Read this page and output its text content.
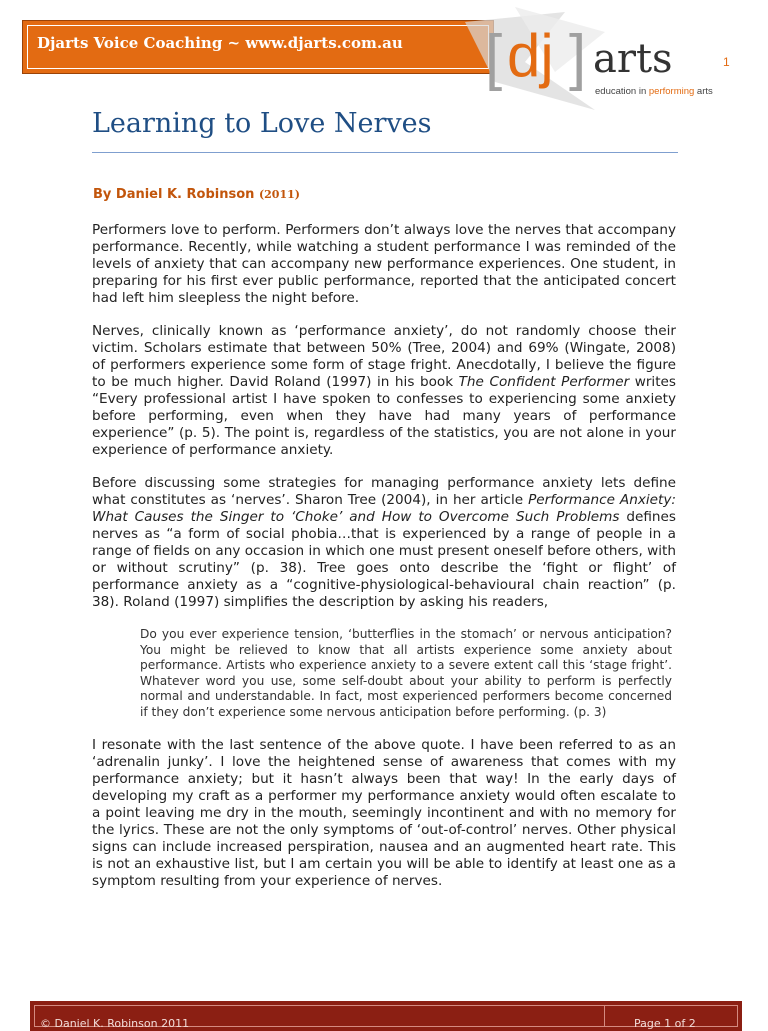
Djarts Voice Coaching ~ www.djarts.com.au [ dj ] arts	1
education in performing arts
Learning to Love Nerves
By Daniel K. Robinson (2011)

Performers love to perform. Performers don’t always love the nerves that accompany performance. Recently, while watching a student performance I was reminded of the levels of anxiety that can accompany new performance experiences. One student, in preparing for his first ever public performance, reported that the anticipated concert had left him sleepless the night before.

Nerves, clinically known as ‘performance anxiety’, do not randomly choose their victim. Scholars estimate that between 50% (Tree, 2004) and 69% (Wingate, 2008) of performers experience some form of stage fright. Anecdotally, I believe the figure to be much higher. David Roland (1997) in his book The Confident Performer writes “Every professional artist I have spoken to confesses to experiencing some anxiety before performing, even when they have had many years of performance experience” (p. 5). The point is, regardless of the statistics, you are not alone in your experience of performance anxiety.

Before discussing some strategies for managing performance anxiety lets define what constitutes as ‘nerves’. Sharon Tree (2004), in her article Performance Anxiety: What Causes the Singer to ‘Choke’ and How to Overcome Such Problems defines nerves as “a form of social phobia…that is experienced by a range of people in a range of fields on any occasion in which one must present oneself before others, with or without scrutiny” (p. 38). Tree goes onto describe the ‘fight or flight’ of performance anxiety as a “cognitive-physiological-behavioural chain reaction” (p. 38). Roland (1997) simplifies the description by asking his readers,

Do you ever experience tension, ‘butterflies in the stomach’ or nervous anticipation? You might be relieved to know that all artists experience some anxiety about performance. Artists who experience anxiety to a severe extent call this ‘stage fright’. Whatever word you use, some self-doubt about your ability to perform is perfectly normal and understandable. In fact, most experienced performers become concerned if they don’t experience some nervous anticipation before performing. (p. 3)

I resonate with the last sentence of the above quote. I have been referred to as an ‘adrenalin junky’. I love the heightened sense of awareness that comes with my performance anxiety; but it hasn’t always been that way! In the early days of developing my craft as a performer my performance anxiety would often escalate to a point leaving me dry in the mouth, seemingly incontinent and with no memory for the lyrics. These are not the only symptoms of ‘out-of-control’ nerves. Other physical signs can include increased perspiration, nausea and an augmented heart rate. This is not an exhaustive list, but I am certain you will be able to identify at least one as a symptom resulting from your experience of nerves.

© Daniel K. Robinson 2011	Page 1 of 2
